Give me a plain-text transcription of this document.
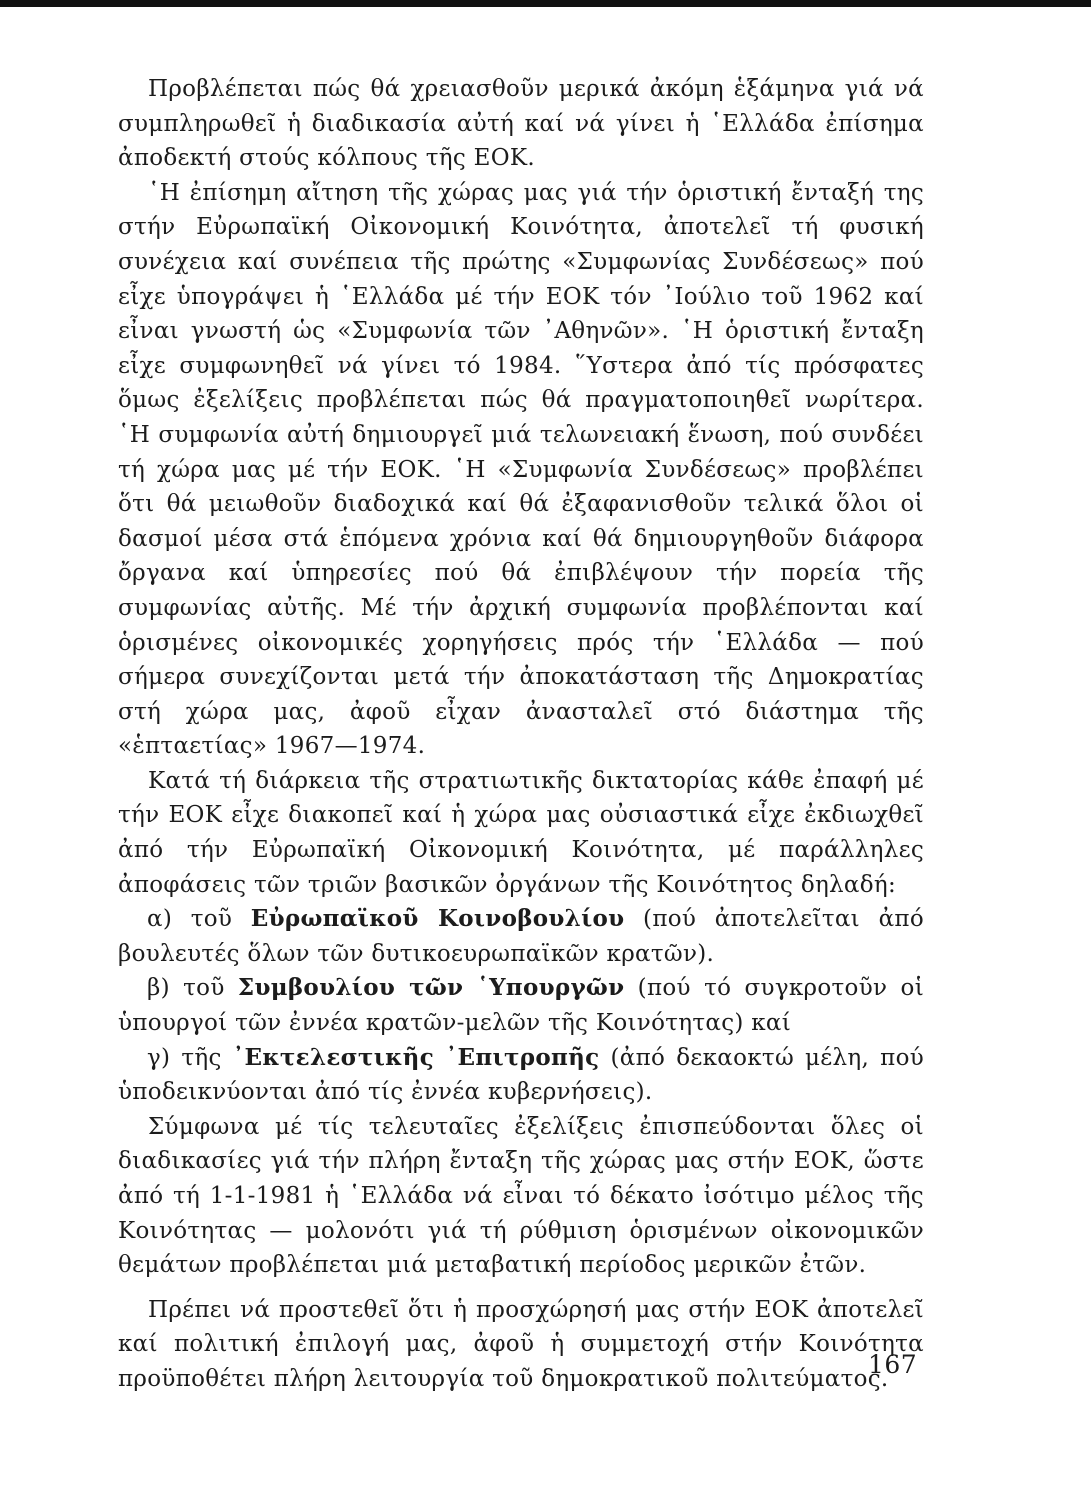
Προβλέπεται πώς θά χρειασθοῦν μερικά ἀκόμη ἑξάμηνα γιά νά συμπληρωθεῖ ἡ διαδικασία αὐτή καί νά γίνει ἡ ῾Ελλάδα ἐπίσημα ἀποδεκτή στούς κόλπους τῆς ΕΟΚ.

῾Η ἐπίσημη αἴτηση τῆς χώρας μας γιά τήν ὁριστική ἔνταξή της στήν Εὐρωπαϊκή Οἰκονομική Κοινότητα, ἀποτελεῖ τή φυσική συνέχεια καί συνέπεια τῆς πρώτης «Συμφωνίας Συνδέσεως» πού εἶχε ὑπογράψει ἡ ῾Ελλάδα μέ τήν ΕΟΚ τόν ᾿Ιούλιο τοῦ 1962 καί εἶναι γνωστή ὡς «Συμφωνία τῶν ᾿Αθηνῶν». ῾Η ὁριστική ἔνταξη εἶχε συμφωνηθεῖ νά γίνει τό 1984. ῞Υστερα ἀπό τίς πρόσφατες ὅμως ἐξελίξεις προβλέπεται πώς θά πραγματοποιηθεῖ νωρίτερα. ῾Η συμφωνία αὐτή δημιουργεῖ μιά τελωνειακή ἕνωση, πού συνδέει τή χώρα μας μέ τήν ΕΟΚ. ῾Η «Συμφωνία Συνδέσεως» προβλέπει ὅτι θά μειωθοῦν διαδοχικά καί θά ἐξαφανισθοῦν τελικά ὅλοι οἱ δασμοί μέσα στά ἑπόμενα χρόνια καί θά δημιουργηθοῦν διάφορα ὄργανα καί ὑπηρεσίες πού θά ἐπιβλέψουν τήν πορεία τῆς συμφωνίας αὐτῆς. Μέ τήν ἀρχική συμφωνία προβλέπονται καί ὁρισμένες οἰκονομικές χορηγήσεις πρός τήν ῾Ελλάδα — πού σήμερα συνεχίζονται μετά τήν ἀποκατάσταση τῆς Δημοκρατίας στή χώρα μας, ἀφοῦ εἶχαν ἀνασταλεῖ στό διάστημα τῆς «ἑπταετίας» 1967—1974.

Κατά τή διάρκεια τῆς στρατιωτικῆς δικτατορίας κάθε ἐπαφή μέ τήν ΕΟΚ εἶχε διακοπεῖ καί ἡ χώρα μας οὐσιαστικά εἶχε ἐκδιωχθεῖ ἀπό τήν Εὐρωπαϊκή Οἰκονομική Κοινότητα, μέ παράλληλες ἀποφάσεις τῶν τριῶν βασικῶν ὀργάνων τῆς Κοινότητος δηλαδή:

α) τοῦ Εὐρωπαϊκοῦ Κοινοβουλίου (πού ἀποτελεῖται ἀπό βουλευτές ὅλων τῶν δυτικοευρωπαϊκῶν κρατῶν).

β) τοῦ Συμβουλίου τῶν ῾Υπουργῶν (πού τό συγκροτοῦν οἱ ὑπουργοί τῶν ἐννέα κρατῶν-μελῶν τῆς Κοινότητας) καί

γ) τῆς ᾿Εκτελεστικῆς ᾿Επιτροπῆς (ἀπό δεκαοκτώ μέλη, πού ὑποδεικνύονται ἀπό τίς ἐννέα κυβερνήσεις).

Σύμφωνα μέ τίς τελευταῖες ἐξελίξεις ἐπισπεύδονται ὅλες οἱ διαδικασίες γιά τήν πλήρη ἔνταξη τῆς χώρας μας στήν ΕΟΚ, ὥστε ἀπό τή 1-1-1981 ἡ ῾Ελλάδα νά εἶναι τό δέκατο ἰσότιμο μέλος τῆς Κοινότητας — μολονότι γιά τή ρύθμιση ὁρισμένων οἰκονομικῶν θεμάτων προβλέπεται μιά μεταβατική περίοδος μερικῶν ἐτῶν.

Πρέπει νά προστεθεῖ ὅτι ἡ προσχώρησή μας στήν ΕΟΚ ἀποτελεῖ καί πολιτική ἐπιλογή μας, ἀφοῦ ἡ συμμετοχή στήν Κοινότητα προϋποθέτει πλήρη λειτουργία τοῦ δημοκρατικοῦ πολιτεύματος.

167
